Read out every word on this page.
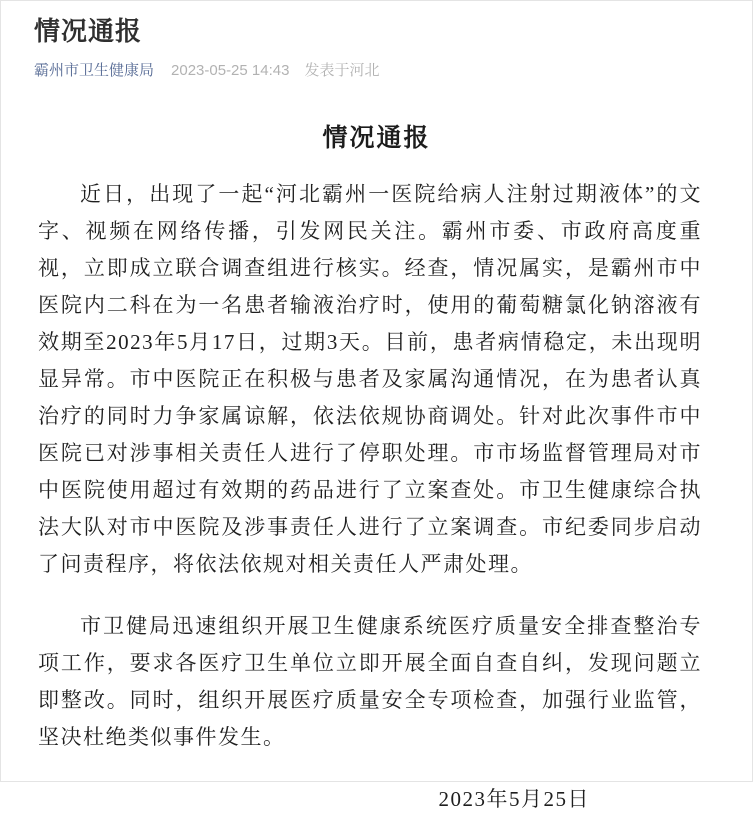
情况通报
霸州市卫生健康局 2023-05-25 14:43 发表于河北
情况通报

近日，出现了一起“河北霸州一医院给病人注射过期液体”的文字、视频在网络传播，引发网民关注。霸州市委、市政府高度重视，立即成立联合调查组进行核实。经查，情况属实，是霸州市中医院内二科在为一名患者输液治疗时，使用的葡萄糖氯化钠溶液有效期至2023年5月17日，过期3天。目前，患者病情稳定，未出现明显异常。市中医院正在积极与患者及家属沟通情况，在为患者认真治疗的同时力争家属谅解，依法依规协商调处。针对此次事件市中医院已对涉事相关责任人进行了停职处理。市市场监督管理局对市中医院使用超过有效期的药品进行了立案查处。市卫生健康综合执法大队对市中医院及涉事责任人进行了立案调查。市纪委同步启动了问责程序，将依法依规对相关责任人严肃处理。

市卫健局迅速组织开展卫生健康系统医疗质量安全排查整治专项工作，要求各医疗卫生单位立即开展全面自查自纠，发现问题立即整改。同时，组织开展医疗质量安全专项检查，加强行业监管，坚决杜绝类似事件发生。

2023年5月25日
